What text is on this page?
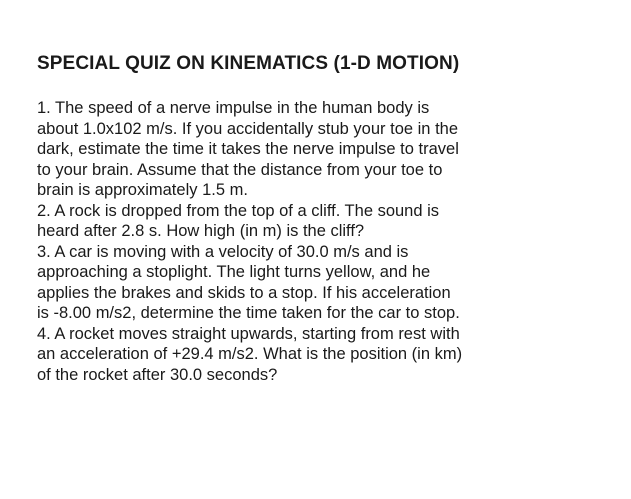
SPECIAL QUIZ ON KINEMATICS (1-D MOTION)
1. The speed of a nerve impulse in the human body is
about 1.0x102 m/s. If you accidentally stub your toe in the
dark, estimate the time it takes the nerve impulse to travel
to your brain. Assume that the distance from your toe to
brain is approximately 1.5 m.
2. A rock is dropped from the top of a cliff. The sound is
heard after 2.8 s. How high (in m) is the cliff?
3. A car is moving with a velocity of 30.0 m/s and is
approaching a stoplight. The light turns yellow, and he
applies the brakes and skids to a stop. If his acceleration
is -8.00 m/s2, determine the time taken for the car to stop.
4. A rocket moves straight upwards, starting from rest with
an acceleration of +29.4 m/s2. What is the position (in km)
of the rocket after 30.0 seconds?
